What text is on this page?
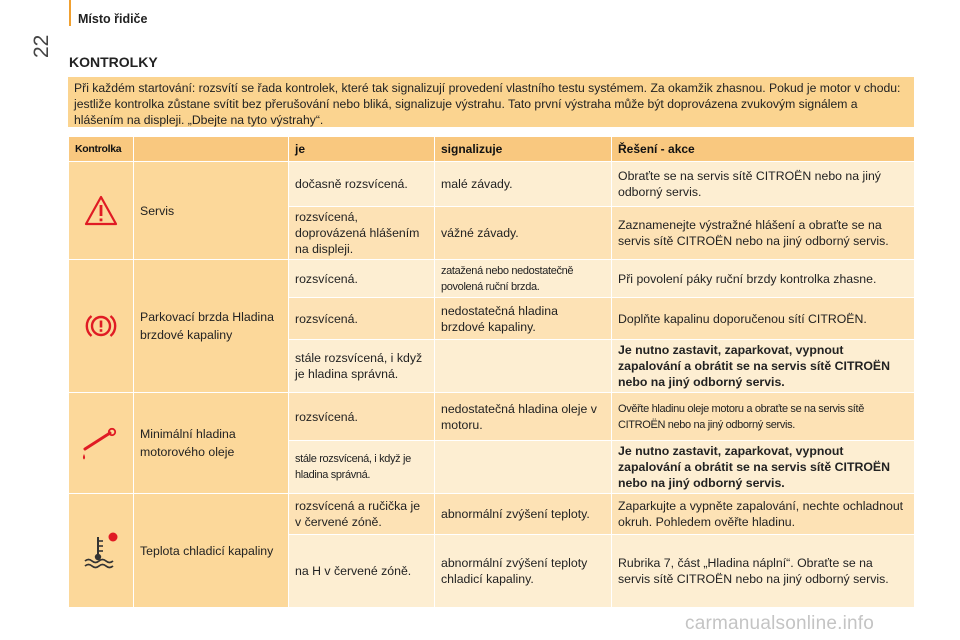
22
Místo řidiče
KONTROLKY
Při každém startování: rozsvítí se řada kontrolek, které tak signalizují provedení vlastního testu systémem. Za okamžik zhasnou. Pokud je motor v chodu: jestliže kontrolka zůstane svítit bez přerušování nebo bliká, signalizuje výstrahu. Tato první výstraha může být doprovázena zvukovým signálem a hlášením na displeji. „Dbejte na tyto výstrahy“.
Kontrolka		je	signalizuje	Řešení - akce
	Servis	dočasně rozsvícená.	malé závady.	Obraťte se na servis sítě CITROËN nebo na jiný odborný servis.
		rozsvícená, doprovázená hlášením na displeji.	vážné závady.	Zaznamenejte výstražné hlášení a obraťte se na servis sítě CITROËN nebo na jiný odborný servis.
	Parkovací brzda Hladina brzdové kapaliny	rozsvícená.	zatažená nebo nedostatečně povolená ruční brzda.	Při povolení páky ruční brzdy kontrolka zhasne.
		rozsvícená.	nedostatečná hladina brzdové kapaliny.	Doplňte kapalinu doporučenou sítí CITROËN.
		stále rozsvícená, i když je hladina správná.		Je nutno zastavit, zaparkovat, vypnout zapalování a obrátit se na servis sítě CITROËN nebo na jiný odborný servis.
	Minimální hladina motorového oleje	rozsvícená.	nedostatečná hladina oleje v motoru.	Ověřte hladinu oleje motoru a obraťte se na servis sítě CITROËN nebo na jiný odborný servis.
		stále rozsvícená, i když je hladina správná.		Je nutno zastavit, zaparkovat, vypnout zapalování a obrátit se na servis sítě CITROËN nebo na jiný odborný servis.
	Teplota chladicí kapaliny	rozsvícená a ručička je v červené zóně.	abnormální zvýšení teploty.	Zaparkujte a vypněte zapalování, nechte ochladnout okruh. Pohledem ověřte hladinu.
		na H v červené zóně.	abnormální zvýšení teploty chladicí kapaliny.	Rubrika 7, část „Hladina náplní“. Obraťte se na servis sítě CITROËN nebo na jiný odborný servis.
carmanualsonline.info
